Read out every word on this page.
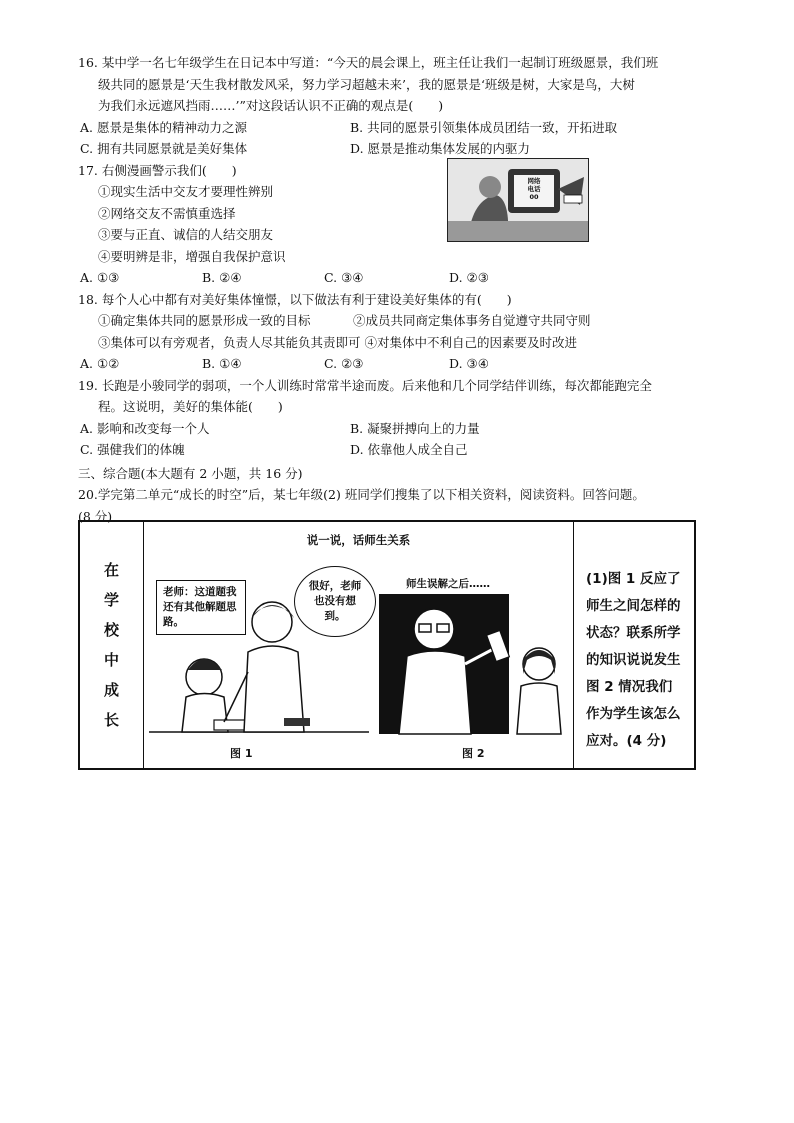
16. 某中学一名七年级学生在日记本中写道：“今天的晨会课上，班主任让我们一起制订班级愿景，我们班

级共同的愿景是‘天生我材散发风采，努力学习超越未来’，我的愿景是‘班级是树，大家是鸟，大树

为我们永远遮风挡雨……’”对这段话认识不正确的观点是(　　)

A. 愿景是集体的精神动力之源	B. 共同的愿景引领集体成员团结一致，开拓进取
C. 拥有共同愿景就是美好集体	D. 愿景是推动集体发展的内驱力

17. 右侧漫画警示我们(　　)

①现实生活中交友才要理性辨别

②网络交友不需慎重选择

③要与正直、诚信的人结交朋友

④要明辨是非，增强自我保护意识

A. ①③	B. ②④	C. ③④	D. ②③

18. 每个人心中都有对美好集体憧憬，以下做法有利于建设美好集体的有(　　)

①确定集体共同的愿景形成一致的目标	②成员共同商定集体事务自觉遵守共同守则

③集体可以有旁观者，负责人尽其能负其责即可 ④对集体中不利自己的因素要及时改进

A. ①②	B. ①④	C. ②③	D. ③④

19. 长跑是小骏同学的弱项，一个人训练时常常半途而废。后来他和几个同学结伴训练，每次都能跑完全

程。这说明，美好的集体能(　　)

A. 影响和改变每一个人	B. 凝聚拼搏向上的力量
C. 强健我们的体魄	D. 依靠他人成全自己

三、综合题(本大题有 2 小题，共 16 分)

20.学完第二单元“成长的时空”后，某七年级(2) 班同学们搜集了以下相关资料，阅读资料。回答问题。

(8 分)

网络
电话
00
在
学
校
中
成
长
说一说，话师生关系
老师：这道题我还有其他解题思路。
很好，老师也没有想到。
师生误解之后……
图 1	图 2
(1)图 1 反应了师生之间怎样的状态？联系所学的知识说说发生图 2 情况我们作为学生该怎么应对。(4 分)
